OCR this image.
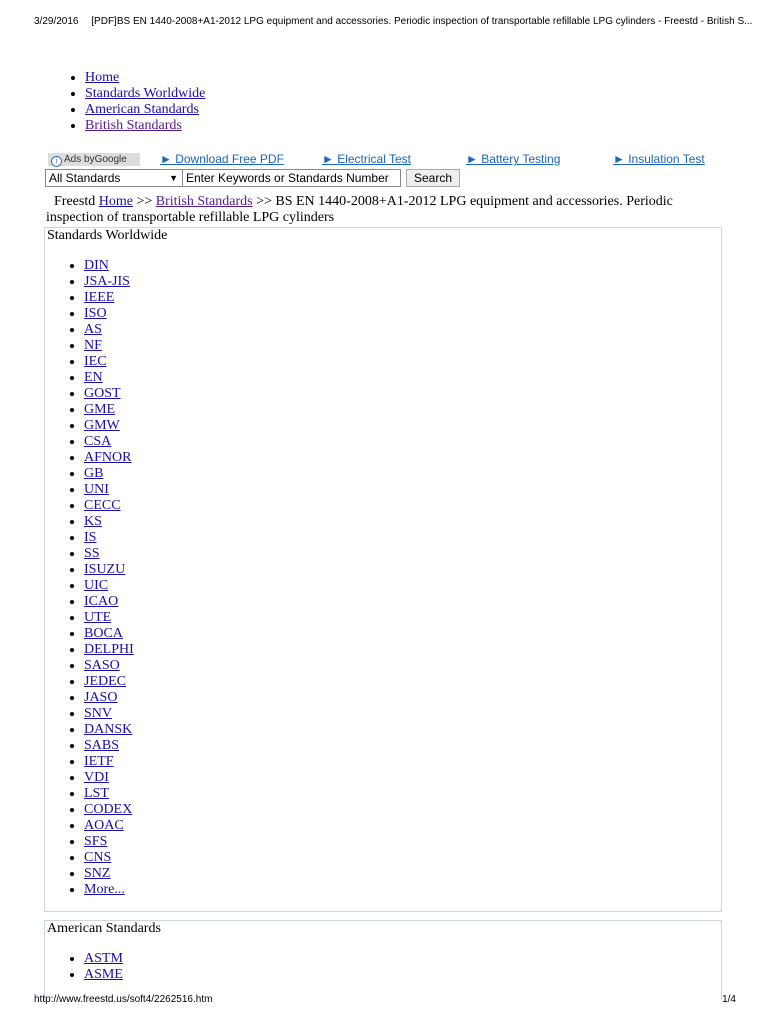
3/29/2016 [PDF]BS EN 1440-2008+A1-2012 LPG equipment and accessories. Periodic inspection of transportable refillable LPG cylinders - Freestd - British S...
• Home
• Standards Worldwide
• American Standards
• British Standards
i Ads byGoogle	► Download Free PDF	► Electrical Test	► Battery Testing	► Insulation Test
All Standards	▼ Enter Keywords or Standards Number	Search
Freestd Home >> British Standards >> BS EN 1440-2008+A1-2012 LPG equipment and accessories. Periodic inspection of transportable refillable LPG cylinders
Standards Worldwide
• DIN
• JSA-JIS
• IEEE
• ISO
• AS
• NF
• IEC
• EN
• GOST
• GME
• GMW
• CSA
• AFNOR
• GB
• UNI
• CECC
• KS
• IS
• SS
• ISUZU
• UIC
• ICAO
• UTE
• BOCA
• DELPHI
• SASO
• JEDEC
• JASO
• SNV
• DANSK
• SABS
• IETF
• VDI
• LST
• CODEX
• AOAC
• SFS
• CNS
• SNZ
• More...
American Standards
• ASTM
• ASME
http://www.freestd.us/soft4/2262516.htm	1/4
